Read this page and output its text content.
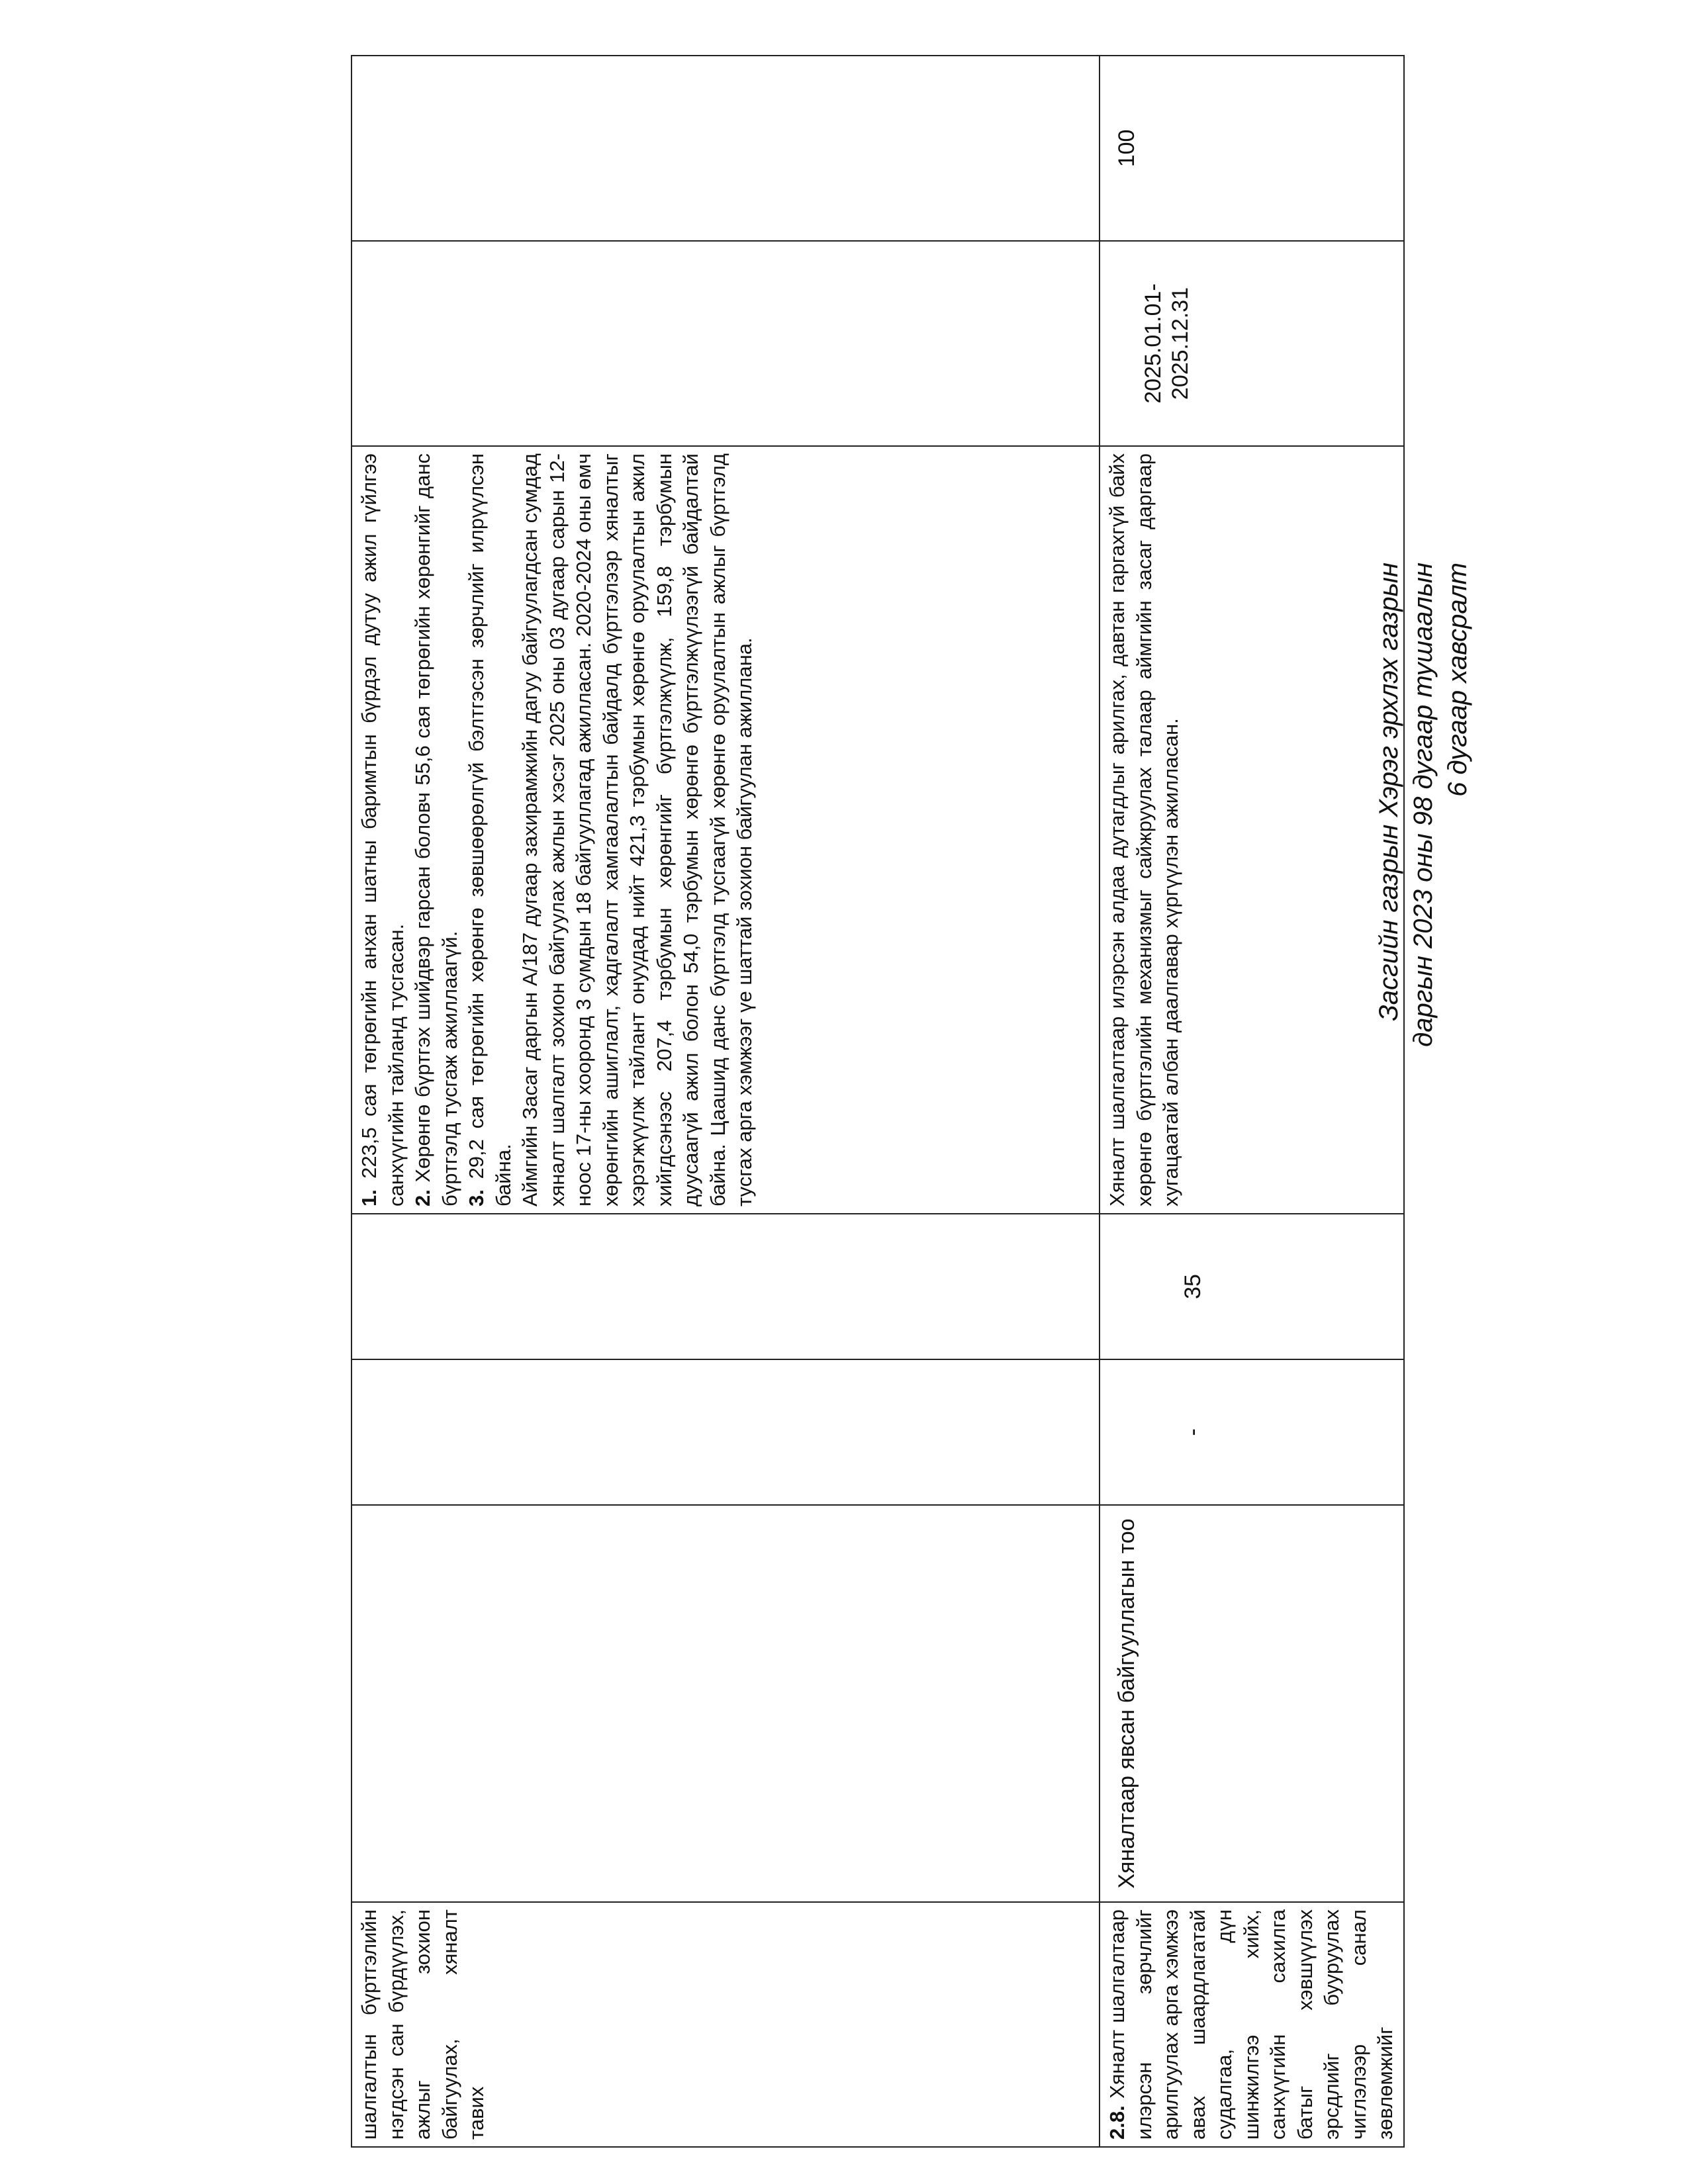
Засгийн газрын Хэрэг эрхлэх газрын даргын 2023 оны 98 дугаар тушаалын 6 дугаар хавсралт
шалгалтын бүртгэлийн нэгдсэн сан бүрдүүлэх, ажлыг зохион байгуулах, хяналт тавих				1. 223,5 сая төгрөгийн анхан шатны баримтын бүрдэл дутуу ажил гүйлгээ санхүүгийн тайланд тусгасан. 2. Хөрөнгө бүртгэх шийдвэр гарсан боловч 55,6 сая төгрөгийн хөрөнгийг данс бүртгэлд тусгаж ажиллаагүй. 3. 29,2 сая төгрөгийн хөрөнгө зөвшөөрөлгүй бэлтгэсэн зөрчлийг илрүүлсэн байна. Аймгийн Засаг даргын А/187 дугаар захирамжийн дагуу байгуулагдсан сумдад хяналт шалгалт зохион байгуулах ажлын хэсэг 2025 оны 03 дугаар сарын 12-ноос 17-ны хооронд 3 сумдын 18 байгууллагад ажилласан. 2020-2024 оны өмч хөрөнгийн ашиглалт, хадгалалт хамгаалалтын байдалд бүртгэлээр хяналтыг хэрэгжүүлж тайлант онуудад нийт 421,3 тэрбумын хөрөнгө оруулалтын ажил хийгдсэнээс 207,4 тэрбумын хөрөнгийг бүртгэлжүүлж, 159,8 тэрбумын дуусаагүй ажил болон 54,0 тэрбумын хөрөнгө бүртгэлжүүлээгүй байдалтай байна. Цаашид данс бүртгэлд тусгаагүй хөрөнгө оруулалтын ажлыг бүртгэлд тусгах арга хэмжээг үе шаттай зохион байгуулан ажиллана.		

2.8. Хяналт шалгалтаар илэрсэн зөрчлийг арилгуулах арга хэмжээ авах шаардлагатай судалгаа, дүн шинжилгээ хийх, санхүүгийн сахилга батыг хэвшүүлэх эрсдлийг бууруулах чиглэлээр санал зөвлөмжийг	Хяналтаар явсан байгууллагын тоо	-	35	Хяналт шалгалтаар илэрсэн алдаа дутагдлыг арилгах, давтан гаргахгүй байх хөрөнгө бүртгэлийн механизмыг сайжруулах талаар аймгийн засаг даргаар хугацаатай албан даалгавар хүргүүлэн ажилласан.	2025.01.01-2025.12.31	100
